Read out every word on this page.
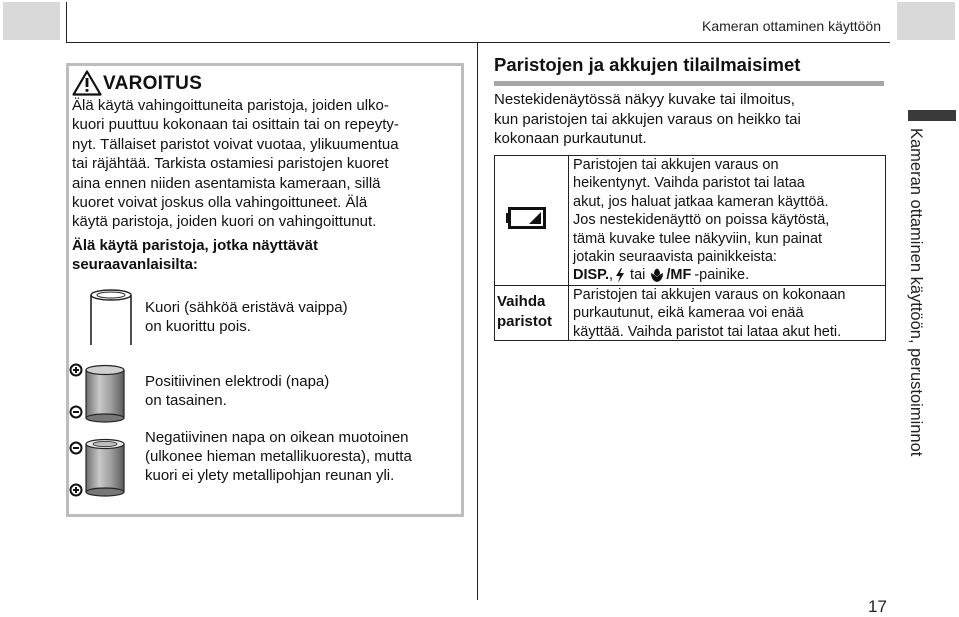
Kameran ottaminen käyttöön
VAROITUS
Älä käytä vahingoittuneita paristoja, joiden ulko-
kuori puuttuu kokonaan tai osittain tai on repeyty-
nyt. Tällaiset paristot voivat vuotaa, ylikuumentua
tai räjähtää. Tarkista ostamiesi paristojen kuoret
aina ennen niiden asentamista kameraan, sillä
kuoret voivat joskus olla vahingoittuneet. Älä
käytä paristoja, joiden kuori on vahingoittunut.
Älä käytä paristoja, jotka näyttävät
seuraavanlaisilta:
Kuori (sähköä eristävä vaippa)
on kuorittu pois.
Positiivinen elektrodi (napa)
on tasainen.
Negatiivinen napa on oikean muotoinen
(ulkonee hieman metallikuoresta), mutta
kuori ei ylety metallipohjan reunan yli.
Paristojen ja akkujen tilailmaisimet
Nestekidenäytössä näkyy kuvake tai ilmoitus,
kun paristojen tai akkujen varaus on heikko tai
kokonaan purkautunut.
Vaihda
paristot
Paristojen tai akkujen varaus on
heikentynyt. Vaihda paristot tai lataa
akut, jos haluat jatkaa kameran käyttöä.
Jos nestekidenäyttö on poissa käytöstä,
tämä kuvake tulee näkyviin, kun painat
jotakin seuraavista painikkeista:
DISP. , tai /MF -painike.
Paristojen tai akkujen varaus on kokonaan
purkautunut, eikä kameraa voi enää
käyttää. Vaihda paristot tai lataa akut heti.	Kameran ottaminen käyttöön, perustoiminnot
17
